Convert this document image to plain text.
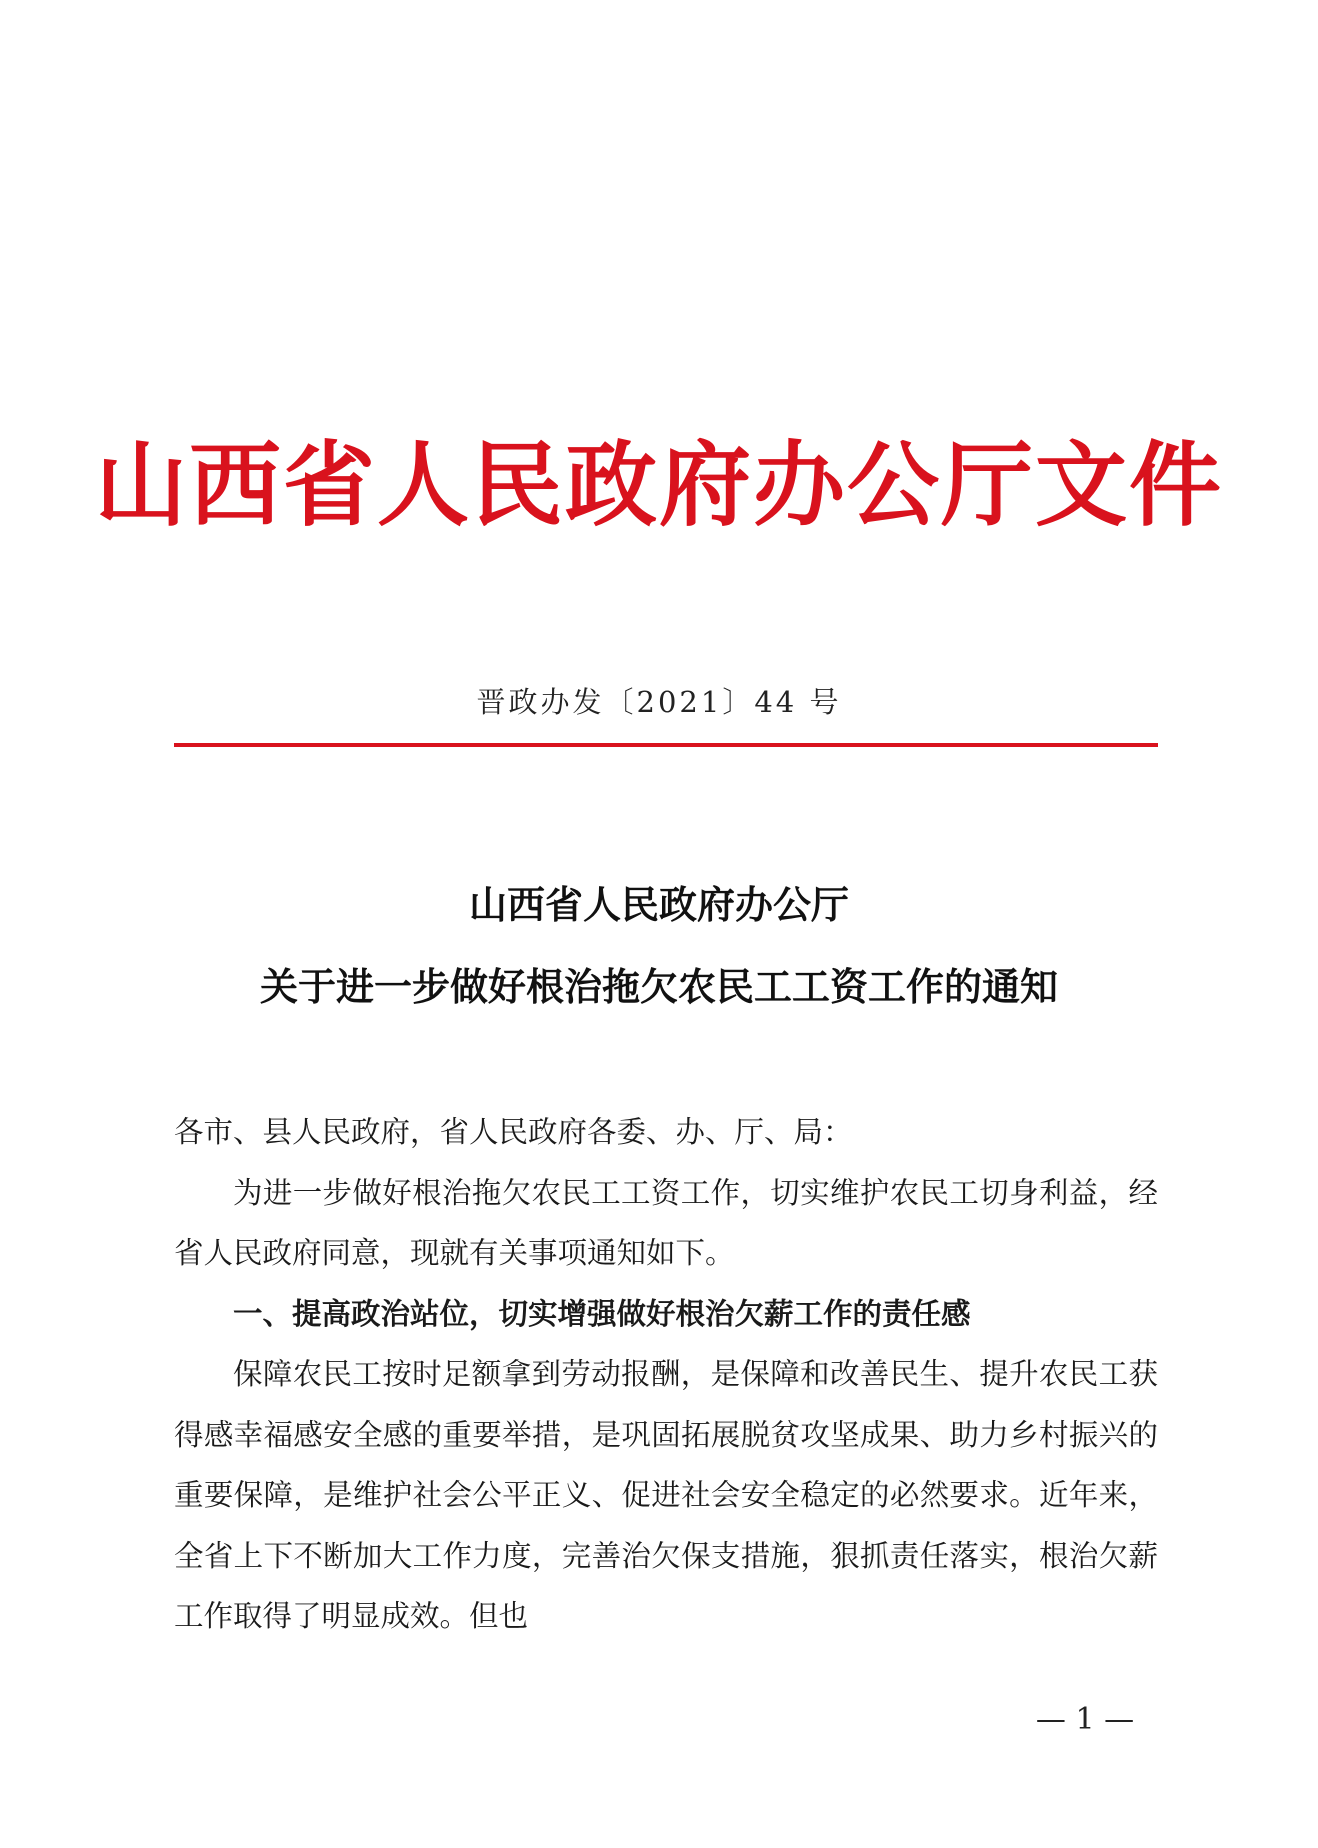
山西省人民政府办公厅文件
晋政办发〔2021〕44 号
山西省人民政府办公厅
关于进一步做好根治拖欠农民工工资工作的通知

各市、县人民政府，省人民政府各委、办、厅、局：

为进一步做好根治拖欠农民工工资工作，切实维护农民工切身利益，经省人民政府同意，现就有关事项通知如下。

一、提高政治站位，切实增强做好根治欠薪工作的责任感

保障农民工按时足额拿到劳动报酬，是保障和改善民生、提升农民工获得感幸福感安全感的重要举措，是巩固拓展脱贫攻坚成果、助力乡村振兴的重要保障，是维护社会公平正义、促进社会安全稳定的必然要求。近年来，全省上下不断加大工作力度，完善治欠保支措施，狠抓责任落实，根治欠薪工作取得了明显成效。但也

— 1 —
